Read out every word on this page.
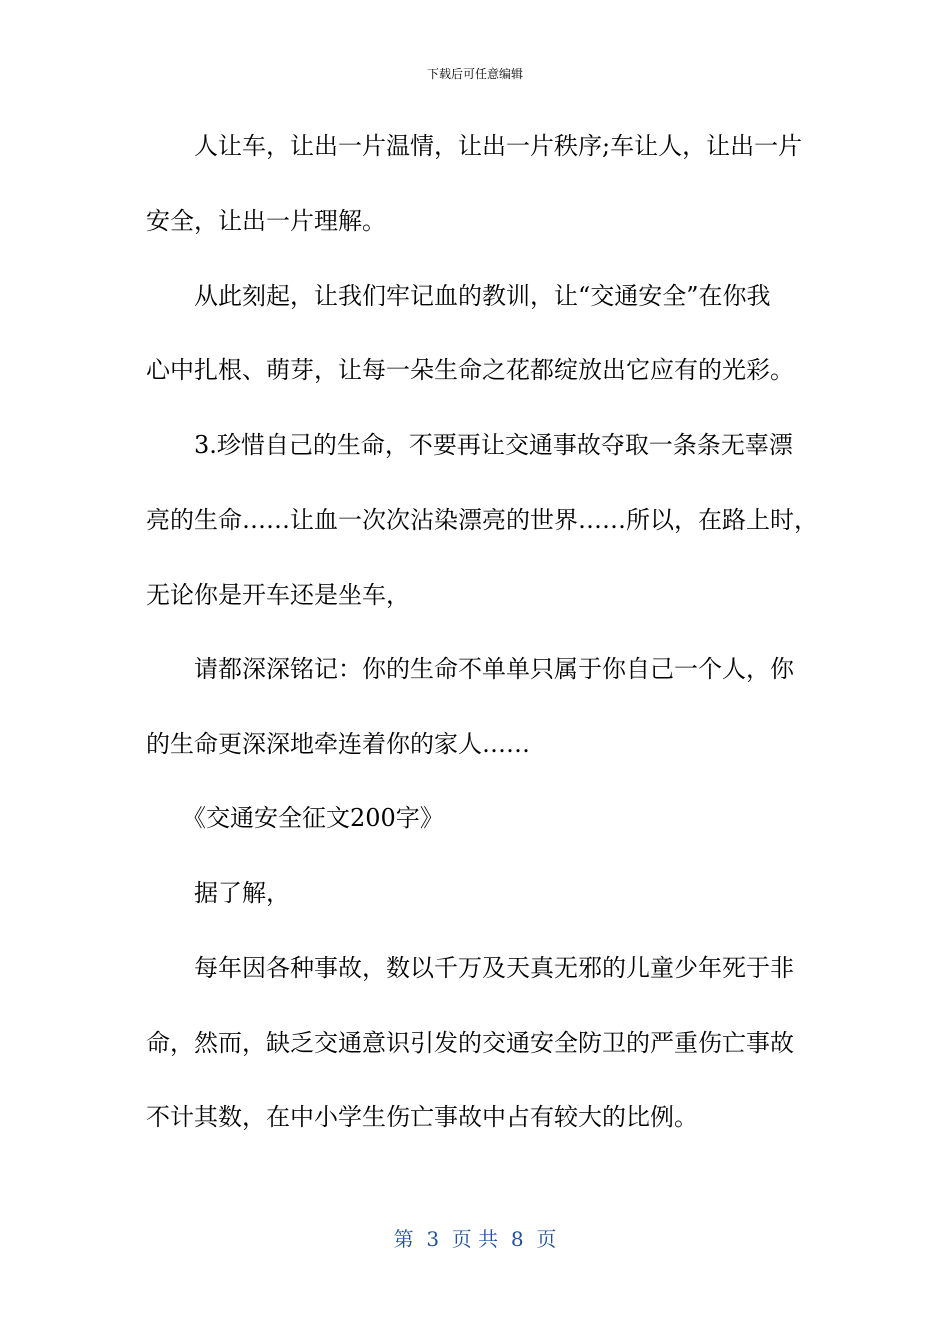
下载后可任意编辑
　　人让车，让出一片温情，让出一片秩序;车让人，让出一片
安全，让出一片理解。
　　从此刻起，让我们牢记血的教训，让“交通安全”在你我
心中扎根、萌芽，让每一朵生命之花都绽放出它应有的光彩。
　　3.珍惜自己的生命，不要再让交通事故夺取一条条无辜漂
亮的生命……让血一次次沾染漂亮的世界……所以，在路上时，
无论你是开车还是坐车，
　　请都深深铭记：你的生命不单单只属于你自己一个人，你
的生命更深深地牵连着你的家人……
　　《交通安全征文200字》
　　据了解，
　　每年因各种事故，数以千万及天真无邪的儿童少年死于非
命，然而，缺乏交通意识引发的交通安全防卫的严重伤亡事故
不计其数，在中小学生伤亡事故中占有较大的比例。
第  3  页 共  8  页
